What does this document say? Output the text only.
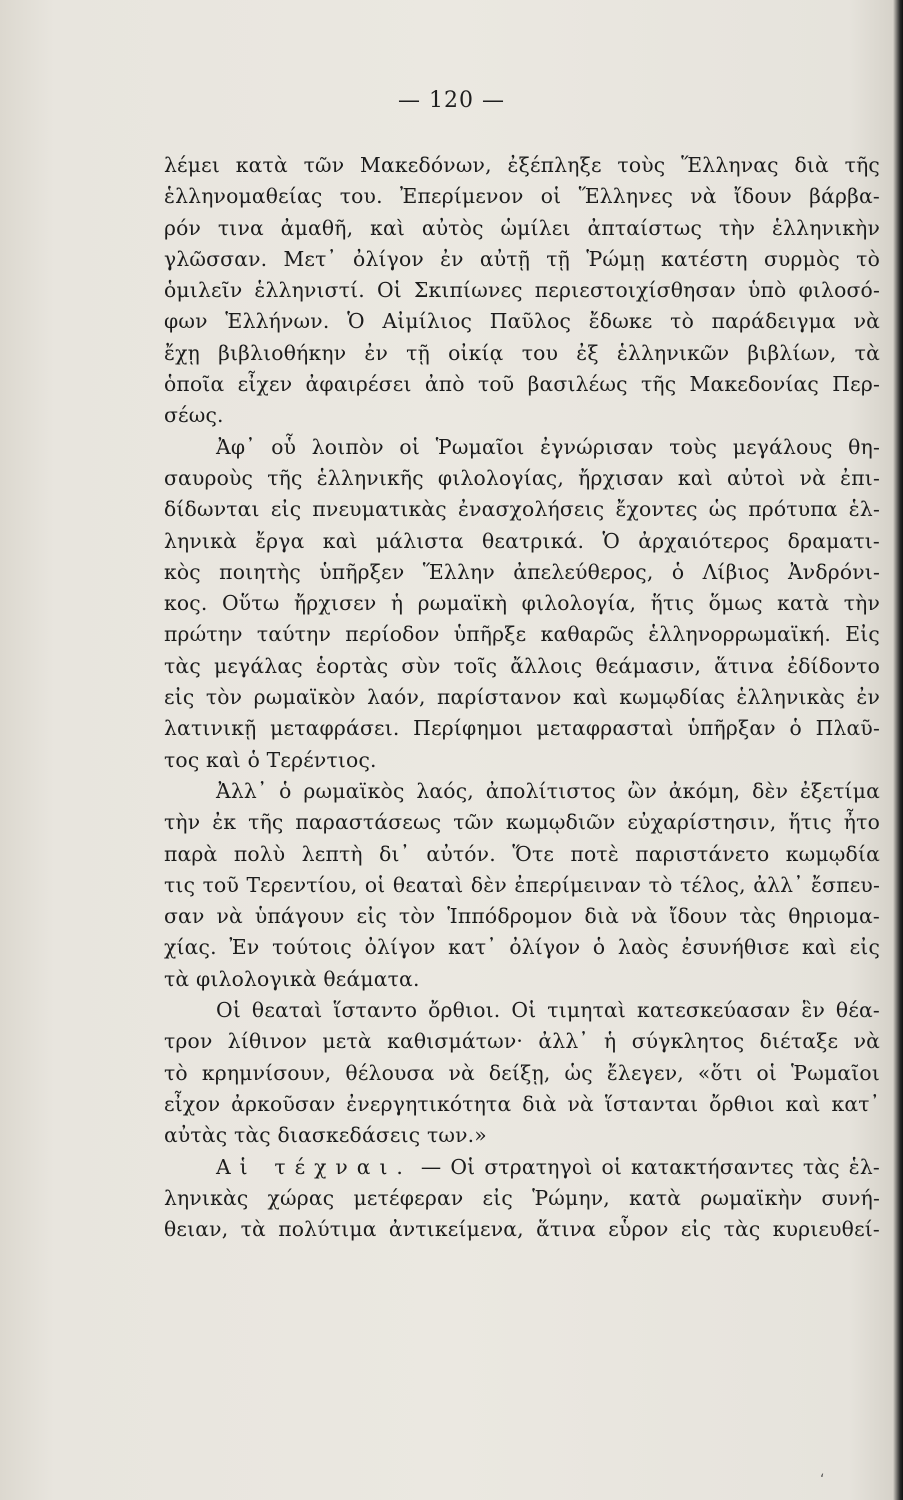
— 120 —
λέμει κατὰ τῶν Μακεδόνων, ἐξέπληξε τοὺς Ἕλληνας διὰ τῆς
ἑλληνομαθείας του. Ἐπερίμενον οἱ Ἕλληνες νὰ ἴδουν βάρβα-
ρόν τινα ἀμαθῆ, καὶ αὐτὸς ὡμίλει ἀπταίστως τὴν ἑλληνικὴν
γλῶσσαν. Μετ᾽ ὀλίγον ἐν αὐτῇ τῇ Ῥώμῃ κατέστη συρμὸς τὸ
ὁμιλεῖν ἑλληνιστί. Οἱ Σκιπίωνες περιεστοιχίσθησαν ὑπὸ φιλοσό-
φων Ἑλλήνων. Ὁ Αἰμίλιος Παῦλος ἔδωκε τὸ παράδειγμα νὰ
ἔχῃ βιβλιοθήκην ἐν τῇ οἰκίᾳ του ἐξ ἑλληνικῶν βιβλίων, τὰ
ὁποῖα εἶχεν ἀφαιρέσει ἀπὸ τοῦ βασιλέως τῆς Μακεδονίας Περ-
σέως.
Ἀφ᾽ οὗ λοιπὸν οἱ Ῥωμαῖοι ἐγνώρισαν τοὺς μεγάλους θη-
σαυροὺς τῆς ἑλληνικῆς φιλολογίας, ἤρχισαν καὶ αὐτοὶ νὰ ἐπι-
δίδωνται εἰς πνευματικὰς ἐνασχολήσεις ἔχοντες ὡς πρότυπα ἑλ-
ληνικὰ ἔργα καὶ μάλιστα θεατρικά. Ὁ ἀρχαιότερος δραματι-
κὸς ποιητὴς ὑπῆρξεν Ἕλλην ἀπελεύθερος, ὁ Λίβιος Ἀνδρόνι-
κος. Οὕτω ἤρχισεν ἡ ρωμαϊκὴ φιλολογία, ἥτις ὅμως κατὰ τὴν
πρώτην ταύτην περίοδον ὑπῆρξε καθαρῶς ἑλληνορρωμαϊκή. Εἰς
τὰς μεγάλας ἑορτὰς σὺν τοῖς ἄλλοις θεάμασιν, ἅτινα ἐδίδοντο
εἰς τὸν ρωμαϊκὸν λαόν, παρίστανον καὶ κωμῳδίας ἑλληνικὰς ἐν
λατινικῇ μεταφράσει. Περίφημοι μεταφρασταὶ ὑπῆρξαν ὁ Πλαῦ-
τος καὶ ὁ Τερέντιος.
Ἀλλ᾽ ὁ ρωμαϊκὸς λαός, ἀπολίτιστος ὢν ἀκόμη, δὲν ἐξετίμα
τὴν ἐκ τῆς παραστάσεως τῶν κωμῳδιῶν εὐχαρίστησιν, ἥτις ἦτο
παρὰ πολὺ λεπτὴ δι᾽ αὐτόν. Ὅτε ποτὲ παριστάνετο κωμῳδία
τις τοῦ Τερεντίου, οἱ θεαταὶ δὲν ἐπερίμειναν τὸ τέλος, ἀλλ᾽ ἔσπευ-
σαν νὰ ὑπάγουν εἰς τὸν Ἱππόδρομον διὰ νὰ ἴδουν τὰς θηριομα-
χίας. Ἐν τούτοις ὀλίγον κατ᾽ ὀλίγον ὁ λαὸς ἐσυνήθισε καὶ εἰς
τὰ φιλολογικὰ θεάματα.
Οἱ θεαταὶ ἵσταντο ὄρθιοι. Οἱ τιμηταὶ κατεσκεύασαν ἓν θέα-
τρον λίθινον μετὰ καθισμάτων· ἀλλ᾽ ἡ σύγκλητος διέταξε νὰ
τὸ κρημνίσουν, θέλουσα νὰ δείξῃ, ὡς ἔλεγεν, «ὅτι οἱ Ῥωμαῖοι
εἶχον ἀρκοῦσαν ἐνεργητικότητα διὰ νὰ ἵστανται ὄρθιοι καὶ κατ᾽
αὐτὰς τὰς διασκεδάσεις των.»
Αἱ τέχναι. — Οἱ στρατηγοὶ οἱ κατακτήσαντες τὰς ἑλ-
ληνικὰς χώρας μετέφεραν εἰς Ῥώμην, κατὰ ρωμαϊκὴν συνή-
θειαν, τὰ πολύτιμα ἀντικείμενα, ἅτινα εὗρον εἰς τὰς κυριευθεί-
‘
